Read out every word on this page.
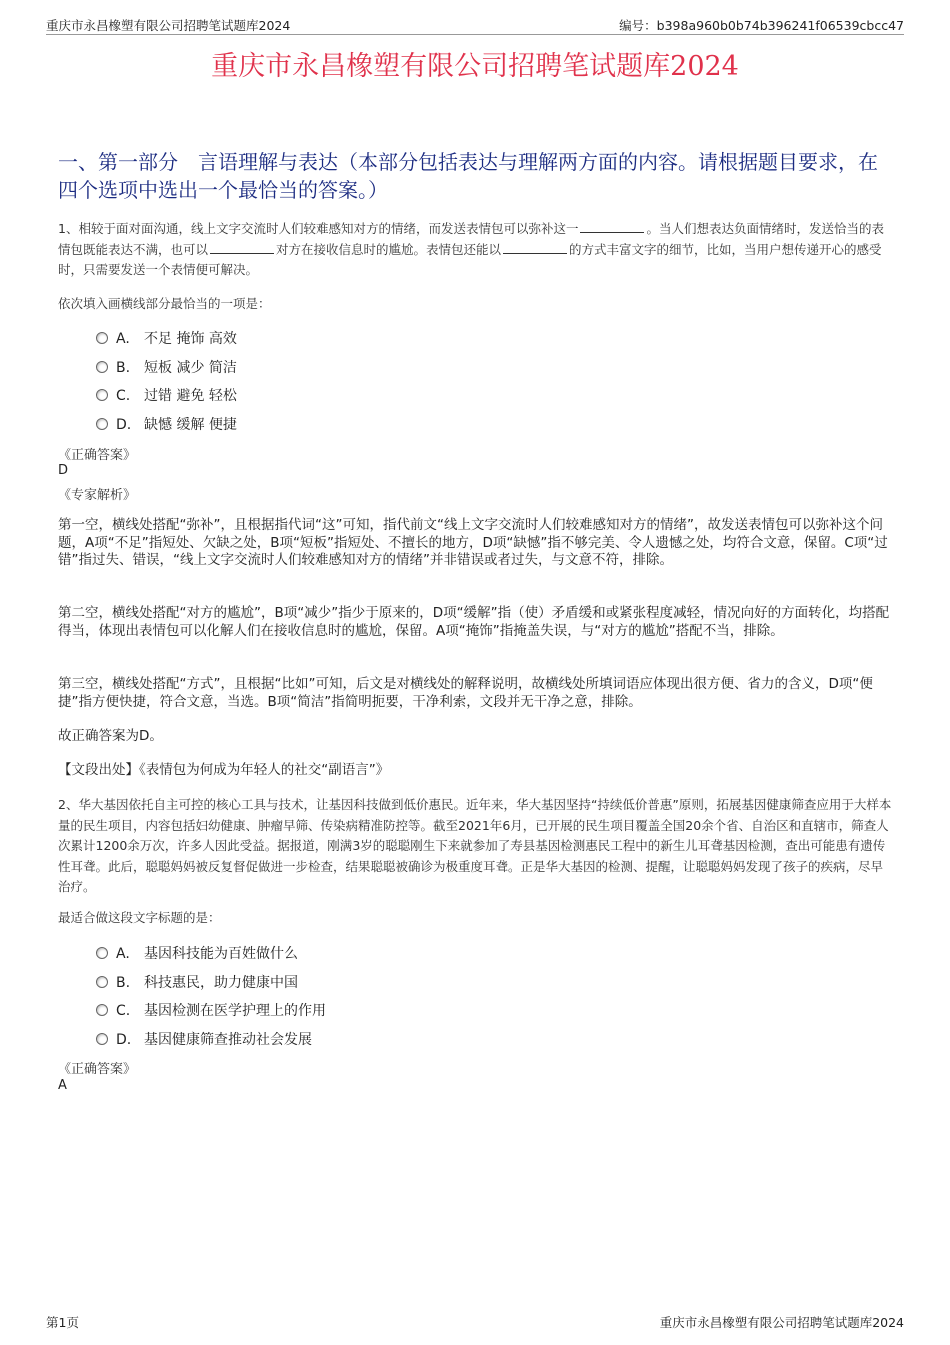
重庆市永昌橡塑有限公司招聘笔试题库2024	编号：b398a960b0b74b396241f06539cbcc47
重庆市永昌橡塑有限公司招聘笔试题库2024
一、第一部分　言语理解与表达（本部分包括表达与理解两方面的内容。请根据题目要求，在四个选项中选出一个最恰当的答案。）
1、相较于面对面沟通，线上文字交流时人们较难感知对方的情绪，而发送表情包可以弥补这一	。当人们想表达负面情绪时，发送恰当的表情包既能表达不满，也可以	对方在接收信息时的尴尬。表情包还能以	的方式丰富文字的细节，比如，当用户想传递开心的感受时，只需要发送一个表情便可解决。
依次填入画横线部分最恰当的一项是：
A. 不足 掩饰 高效
B. 短板 减少 简洁
C. 过错 避免 轻松
D. 缺憾 缓解 便捷
《正确答案》
D
《专家解析》
第一空，横线处搭配“弥补”，且根据指代词“这”可知，指代前文“线上文字交流时人们较难感知对方的情绪”，故发送表情包可以弥补这个问题，A项“不足”指短处、欠缺之处，B项“短板”指短处、不擅长的地方，D项“缺憾”指不够完美、令人遗憾之处，均符合文意，保留。C项“过错”指过失、错误，“线上文字交流时人们较难感知对方的情绪”并非错误或者过失，与文意不符，排除。
第二空，横线处搭配“对方的尴尬”，B项“减少”指少于原来的，D项“缓解”指（使）矛盾缓和或紧张程度减轻，情况向好的方面转化，均搭配得当，体现出表情包可以化解人们在接收信息时的尴尬，保留。A项“掩饰”指掩盖失误，与“对方的尴尬”搭配不当，排除。
第三空，横线处搭配“方式”，且根据“比如”可知，后文是对横线处的解释说明，故横线处所填词语应体现出很方便、省力的含义，D项“便捷”指方便快捷，符合文意，当选。B项“简洁”指简明扼要，干净利索，文段并无干净之意，排除。
故正确答案为D。
【文段出处】《表情包为何成为年轻人的社交“副语言”》
2、华大基因依托自主可控的核心工具与技术，让基因科技做到低价惠民。近年来，华大基因坚持“持续低价普惠”原则，拓展基因健康筛查应用于大样本量的民生项目，内容包括妇幼健康、肿瘤早筛、传染病精准防控等。截至2021年6月，已开展的民生项目覆盖全国20余个省、自治区和直辖市，筛查人次累计1200余万次，许多人因此受益。据报道，刚满3岁的聪聪刚生下来就参加了寿县基因检测惠民工程中的新生儿耳聋基因检测，查出可能患有遗传性耳聋。此后，聪聪妈妈被反复督促做进一步检查，结果聪聪被确诊为极重度耳聋。正是华大基因的检测、提醒，让聪聪妈妈发现了孩子的疾病，尽早治疗。
最适合做这段文字标题的是：
A. 基因科技能为百姓做什么
B. 科技惠民，助力健康中国
C. 基因检测在医学护理上的作用
D. 基因健康筛查推动社会发展
《正确答案》
A
第1页	重庆市永昌橡塑有限公司招聘笔试题库2024
